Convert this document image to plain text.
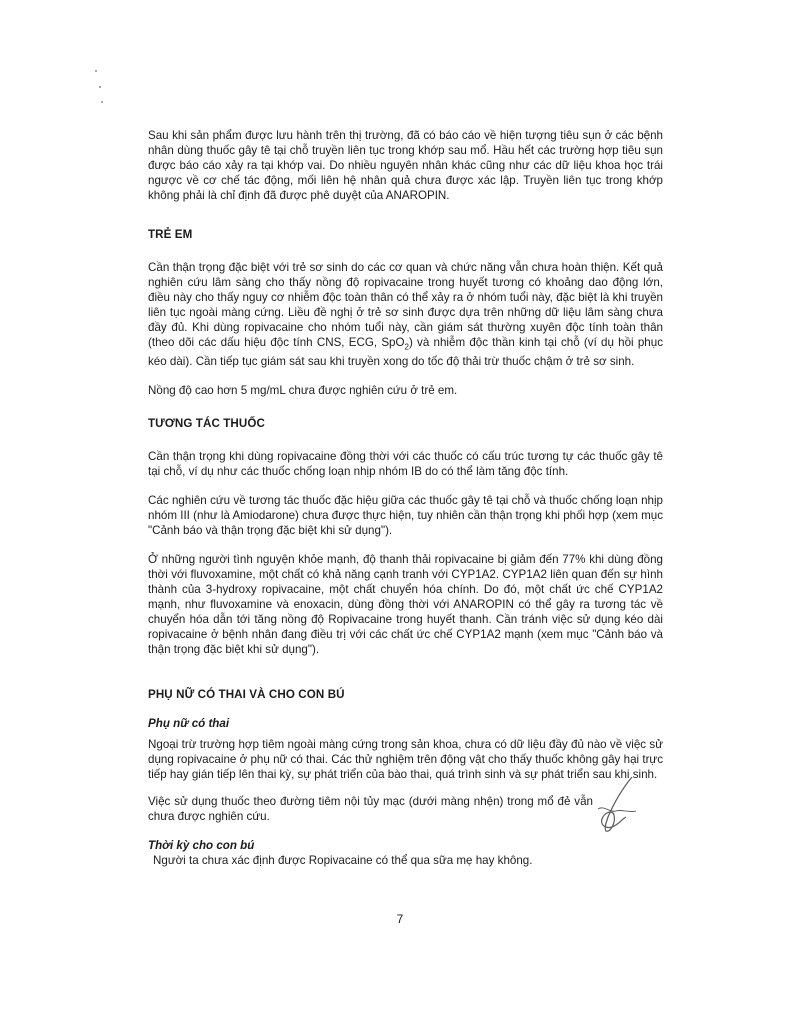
Sau khi sản phẩm được lưu hành trên thị trường, đã có báo cáo về hiện tượng tiêu sụn ở các bệnh nhân dùng thuốc gây tê tại chỗ truyền liên tục trong khớp sau mổ. Hầu hết các trường hợp tiêu sụn được báo cáo xảy ra tại khớp vai. Do nhiều nguyên nhân khác cũng như các dữ liệu khoa học trái ngược về cơ chế tác động, mối liên hệ nhân quả chưa được xác lập. Truyền liên tục trong khớp không phải là chỉ định đã được phê duyệt của ANAROPIN.

TRẺ EM

Cần thận trọng đặc biệt với trẻ sơ sinh do các cơ quan và chức năng vẫn chưa hoàn thiện. Kết quả nghiên cứu lâm sàng cho thấy nồng độ ropivacaine trong huyết tương có khoảng dao động lớn, điều này cho thấy nguy cơ nhiễm độc toàn thân có thể xảy ra ở nhóm tuổi này, đặc biệt là khi truyền liên tục ngoài màng cứng. Liều đề nghị ở trẻ sơ sinh được dựa trên những dữ liệu lâm sàng chưa đầy đủ. Khi dùng ropivacaine cho nhóm tuổi này, cần giám sát thường xuyên độc tính toàn thân (theo dõi các dấu hiệu độc tính CNS, ECG, SpO$_2$) và nhiễm độc thần kinh tại chỗ (ví dụ hồi phục kéo dài). Cần tiếp tục giám sát sau khi truyền xong do tốc độ thải trừ thuốc chậm ở trẻ sơ sinh.

Nồng độ cao hơn 5 mg/mL chưa được nghiên cứu ở trẻ em.

TƯƠNG TÁC THUỐC

Cần thận trọng khi dùng ropivacaine đồng thời với các thuốc có cấu trúc tương tự các thuốc gây tê tại chỗ, ví dụ như các thuốc chống loạn nhịp nhóm IB do có thể làm tăng độc tính.

Các nghiên cứu về tương tác thuốc đặc hiệu giữa các thuốc gây tê tại chỗ và thuốc chống loạn nhịp nhóm III (như là Amiodarone) chưa được thực hiện, tuy nhiên cần thận trọng khi phối hợp (xem mục "Cảnh báo và thận trọng đặc biệt khi sử dụng").

Ở những người tình nguyện khỏe mạnh, độ thanh thải ropivacaine bị giảm đến 77% khi dùng đồng thời với fluvoxamine, một chất có khả năng cạnh tranh với CYP1A2. CYP1A2 liên quan đến sự hình thành của 3-hydroxy ropivacaine, một chất chuyển hóa chính. Do đó, một chất ức chế CYP1A2 mạnh, như fluvoxamine và enoxacin, dùng đồng thời với ANAROPIN có thể gây ra tương tác về chuyển hóa dẫn tới tăng nồng độ Ropivacaine trong huyết thanh. Cần tránh việc sử dụng kéo dài ropivacaine ở bệnh nhân đang điều trị với các chất ức chế CYP1A2 mạnh (xem mục "Cảnh báo và thận trọng đặc biệt khi sử dụng").

PHỤ NỮ CÓ THAI VÀ CHO CON BÚ

Phụ nữ có thai

Ngoại trừ trường hợp tiêm ngoài màng cứng trong sản khoa, chưa có dữ liệu đầy đủ nào về việc sử dụng ropivacaine ở phụ nữ có thai. Các thử nghiệm trên động vật cho thấy thuốc không gây hại trực tiếp hay gián tiếp lên thai kỳ, sự phát triển của bào thai, quá trình sinh và sự phát triển sau khi sinh.

Việc sử dụng thuốc theo đường tiêm nội tủy mạc (dưới màng nhện) trong mổ đẻ vẫn chưa được nghiên cứu.

Thời kỳ cho con bú

Người ta chưa xác định được Ropivacaine có thể qua sữa mẹ hay không.

7
